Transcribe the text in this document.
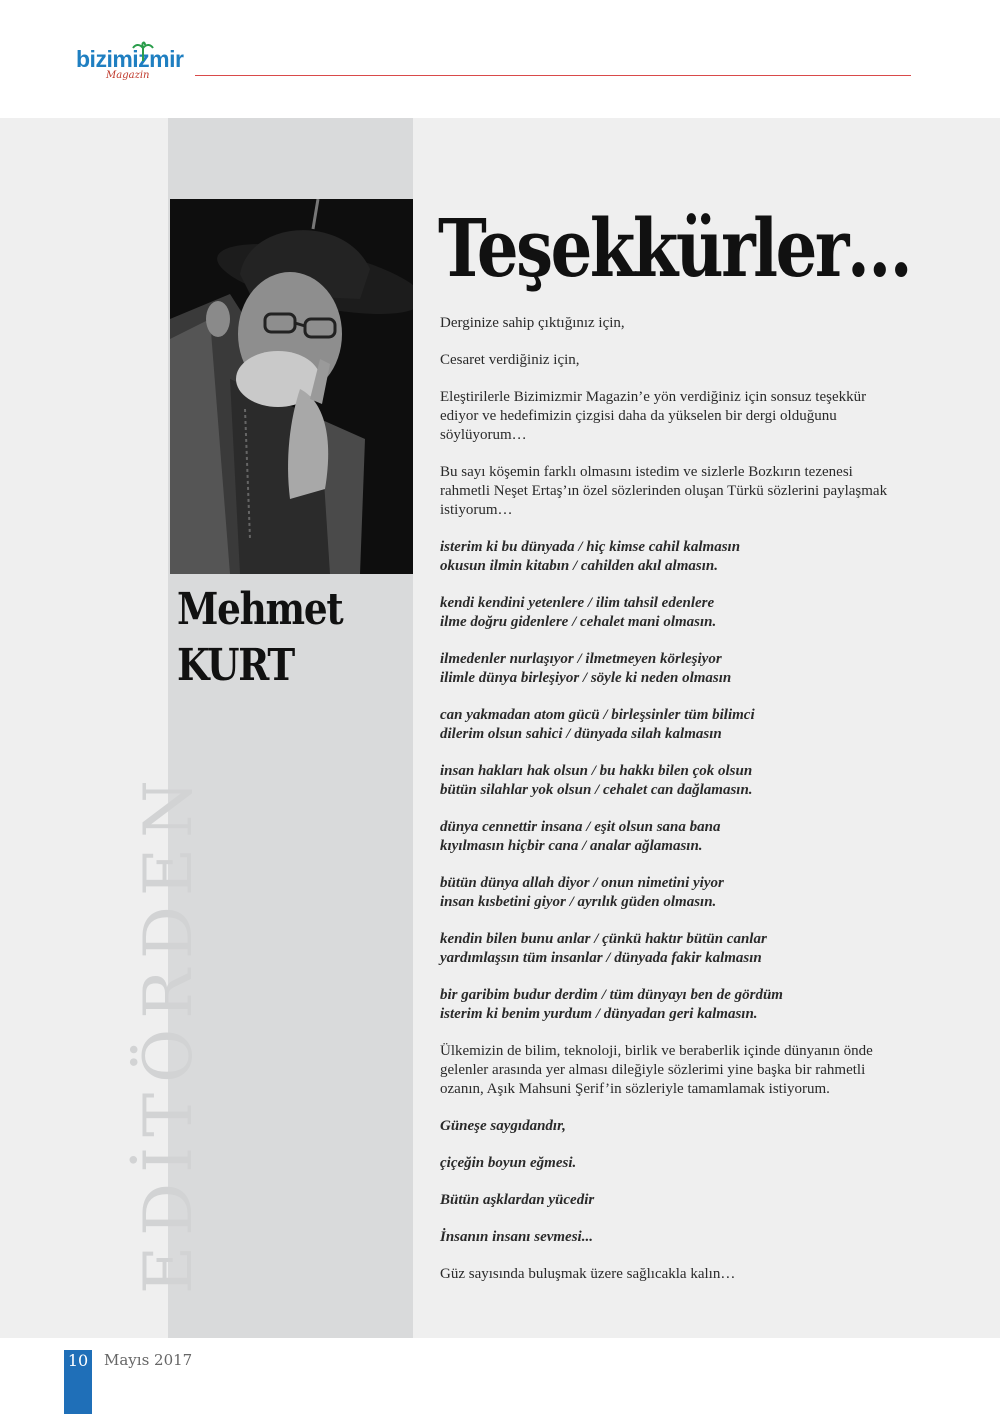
bizimizmir
Magazin
Mehmet
KURT
EDİTÖRDEN
Teşekkürler…

Derginize sahip çıktığınız için,

Cesaret verdiğiniz için,

Eleştirilerle Bizimizmir Magazin’e yön verdiğiniz için sonsuz teşekkür ediyor ve hedefimizin çizgisi daha da yükselen bir dergi olduğunu söylüyorum…

Bu sayı köşemin farklı olmasını istedim ve sizlerle Bozkırın tezenesi rahmetli Neşet Ertaş’ın özel sözlerinden oluşan Türkü sözlerini paylaşmak istiyorum…

isterim ki bu dünyada / hiç kimse cahil kalmasın
okusun ilmin kitabın / cahilden akıl almasın.

kendi kendini yetenlere / ilim tahsil edenlere
ilme doğru gidenlere / cehalet mani olmasın.

ilmedenler nurlaşıyor / ilmetmeyen körleşiyor
ilimle dünya birleşiyor / söyle ki neden olmasın

can yakmadan atom gücü / birleşsinler tüm bilimci
dilerim olsun sahici / dünyada silah kalmasın

insan hakları hak olsun / bu hakkı bilen çok olsun
bütün silahlar yok olsun / cehalet can dağlamasın.

dünya cennettir insana / eşit olsun sana bana
kıyılmasın hiçbir cana / analar ağlamasın.

bütün dünya allah diyor / onun nimetini yiyor
insan kısbetini giyor / ayrılık güden olmasın.

kendin bilen bunu anlar / çünkü haktır bütün canlar
yardımlaşsın tüm insanlar / dünyada fakir kalmasın

bir garibim budur derdim / tüm dünyayı ben de gördüm
isterim ki benim yurdum / dünyadan geri kalmasın.

Ülkemizin de bilim, teknoloji, birlik ve beraberlik içinde dünyanın önde gelenler arasında yer alması dileğiyle sözlerimi yine başka bir rahmetli ozanın, Aşık Mahsuni Şerif’in sözleriyle tamamlamak istiyorum.

Güneşe saygıdandır,

çiçeğin boyun eğmesi.

Bütün aşklardan yücedir

İnsanın insanı sevmesi...

Güz sayısında buluşmak üzere sağlıcakla kalın…

10 Mayıs 2017
